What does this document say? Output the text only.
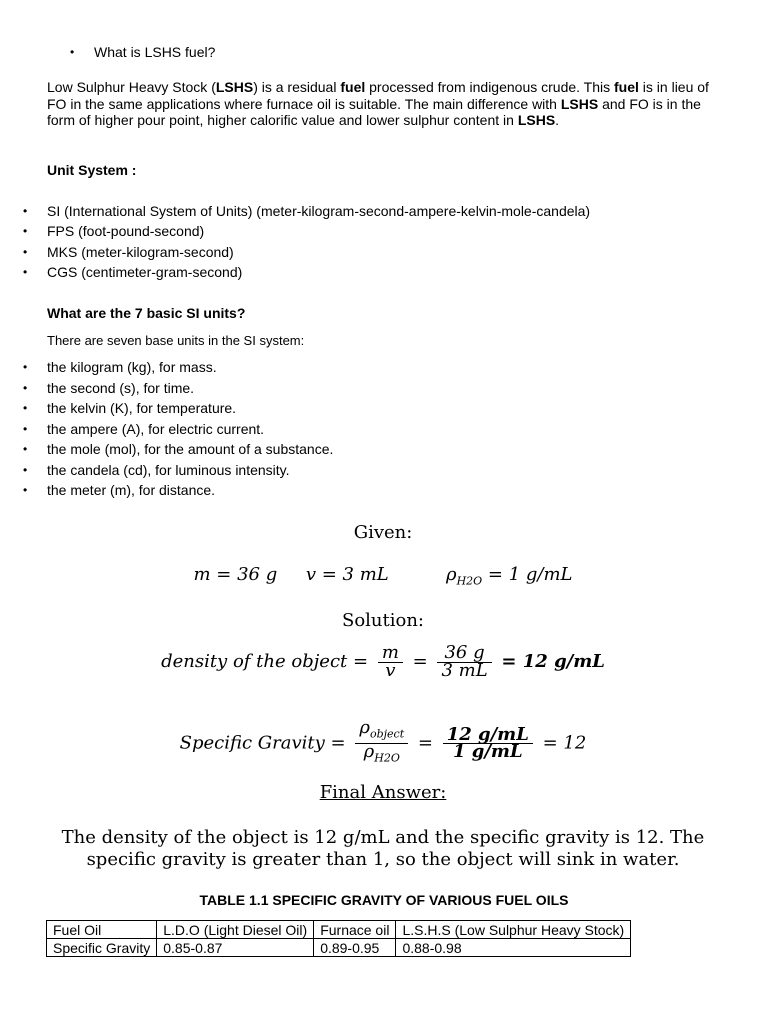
• What is LSHS fuel?
Low Sulphur Heavy Stock (LSHS) is a residual fuel processed from indigenous crude. This fuel is in lieu of FO in the same applications where furnace oil is suitable. The main difference with LSHS and FO is in the form of higher pour point, higher calorific value and lower sulphur content in LSHS.
Unit System :
• SI (International System of Units) (meter-kilogram-second-ampere-kelvin-mole-candela)
• FPS (foot-pound-second)
• MKS (meter-kilogram-second)
• CGS (centimeter-gram-second)
What are the 7 basic SI units?
There are seven base units in the SI system:
• the kilogram (kg), for mass.
• the second (s), for time.
• the kelvin (K), for temperature.
• the ampere (A), for electric current.
• the mole (mol), for the amount of a substance.
• the candela (cd), for luminous intensity.
• the meter (m), for distance.
Given:
m = 36 g v = 3 mL	$\rho_{H2O} = 1$ g/mL
Solution:
density of the object = $\frac{m}{v} = \frac{36 g}{3 mL} = 12$ g/mL
Specific Gravity = $\frac{\rho_{object}}{\rho_{H2O}} = \frac{12 g/mL}{1 g/mL} = 12$
Final Answer:
The density of the object is 12 g/mL and the specific gravity is 12. The specific gravity is greater than 1, so the object will sink in water.
TABLE 1.1 SPECIFIC GRAVITY OF VARIOUS FUEL OILS
Fuel Oil	L.D.O (Light Diesel Oil)	Furnace oil	L.S.H.S (Low Sulphur Heavy Stock)
Specific Gravity	0.85-0.87	0.89-0.95	0.88-0.98
